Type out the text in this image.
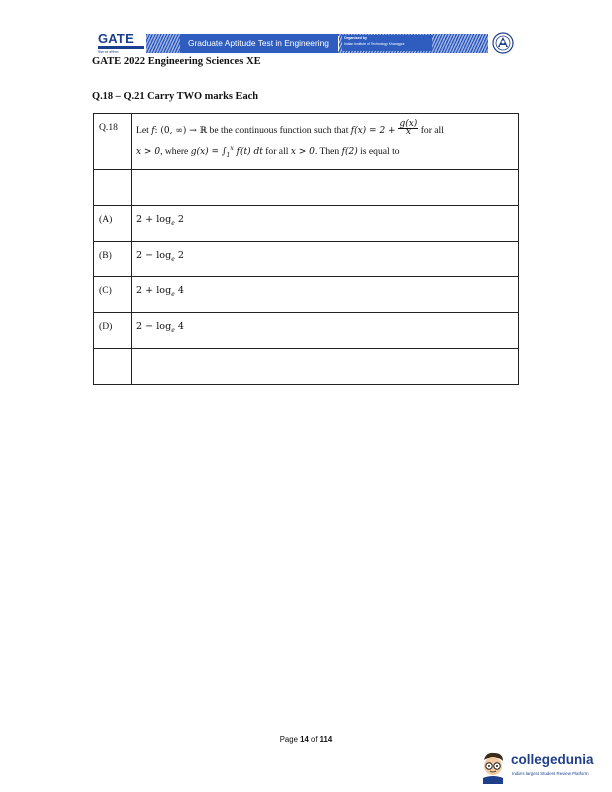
GATE
शिक्षा पथ अभियान
Graduate Aptitude Test in Engineering	Organised by
Indian Institute of Technology Kharagpur
GATE 2022 Engineering Sciences XE
Q.18 – Q.21 Carry TWO marks Each
Q.18	Let f: (0, ∞) → ℝ be the continuous function such that $f(x) = 2 + \frac{g(x)}{x}$ for all
x > 0, where $g(x) = \int_1^x$ f(t) dt for all x > 0. Then f(2) is equal to

(A)	$2 + \log_e 2$
(B)	$2 - \log_e 2$
(C)	$2 + \log_e 4$
(D)	$2 - \log_e 4$

Page 14 of 114
collegedunia
India's largest Student Review Platform
